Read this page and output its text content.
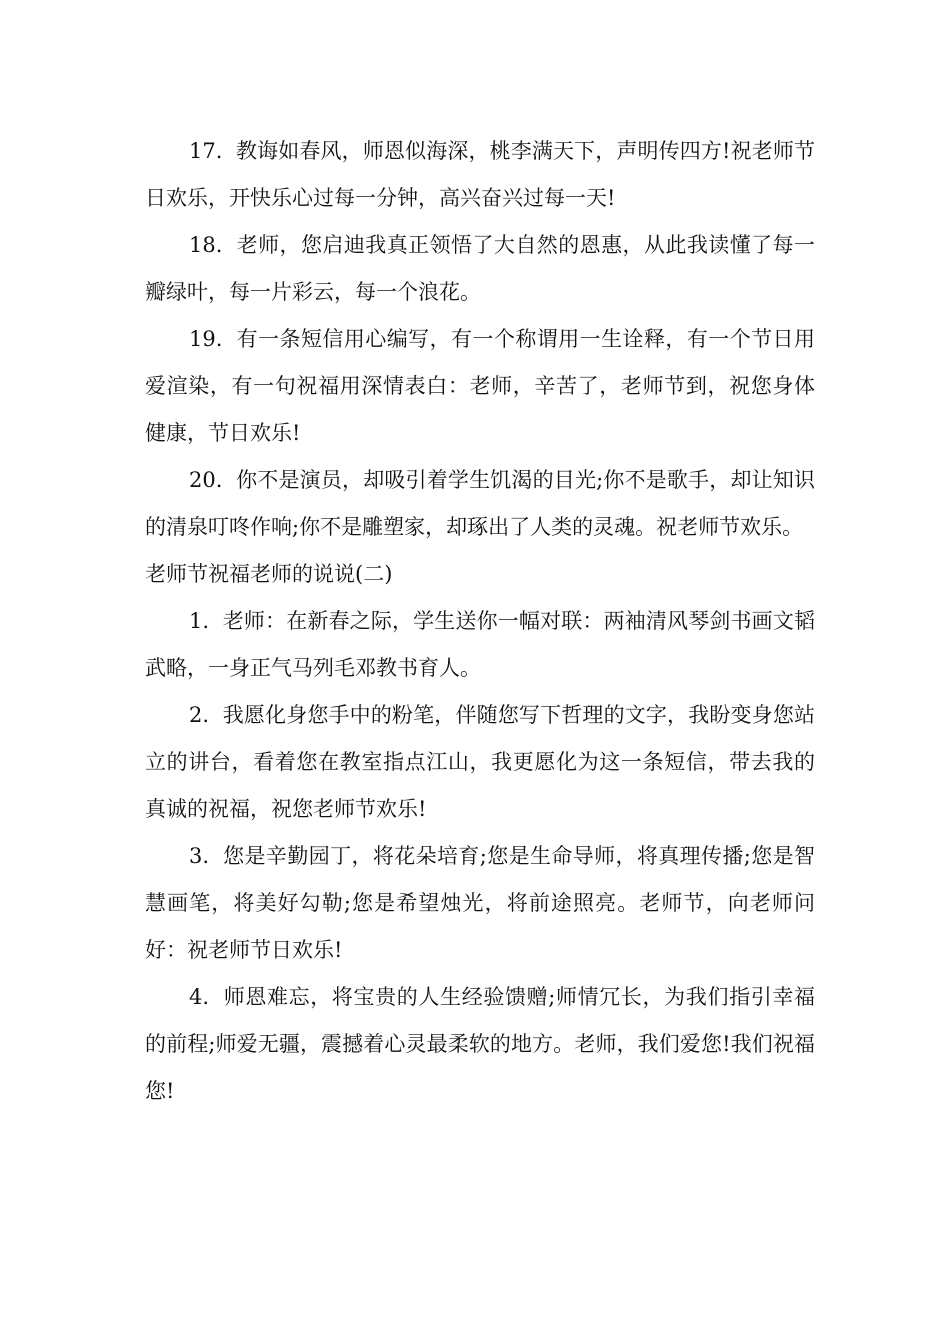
17. 教诲如春风，师恩似海深，桃李满天下，声明传四方!祝老师节日欢乐，开快乐心过每一分钟，高兴奋兴过每一天!

18. 老师，您启迪我真正领悟了大自然的恩惠，从此我读懂了每一瓣绿叶，每一片彩云，每一个浪花。

19. 有一条短信用心编写，有一个称谓用一生诠释，有一个节日用爱渲染，有一句祝福用深情表白：老师，辛苦了，老师节到，祝您身体健康，节日欢乐!

20. 你不是演员，却吸引着学生饥渴的目光;你不是歌手，却让知识的清泉叮咚作响;你不是雕塑家，却琢出了人类的灵魂。祝老师节欢乐。

老师节祝福老师的说说(二)

1. 老师：在新春之际，学生送你一幅对联：两袖清风琴剑书画文韬武略，一身正气马列毛邓教书育人。

2. 我愿化身您手中的粉笔，伴随您写下哲理的文字，我盼变身您站立的讲台，看着您在教室指点江山，我更愿化为这一条短信，带去我的真诚的祝福，祝您老师节欢乐!

3. 您是辛勤园丁，将花朵培育;您是生命导师，将真理传播;您是智慧画笔，将美好勾勒;您是希望烛光，将前途照亮。老师节，向老师问好：祝老师节日欢乐!

4. 师恩难忘，将宝贵的人生经验馈赠;师情冗长，为我们指引幸福的前程;师爱无疆，震撼着心灵最柔软的地方。老师，我们爱您!我们祝福您!
